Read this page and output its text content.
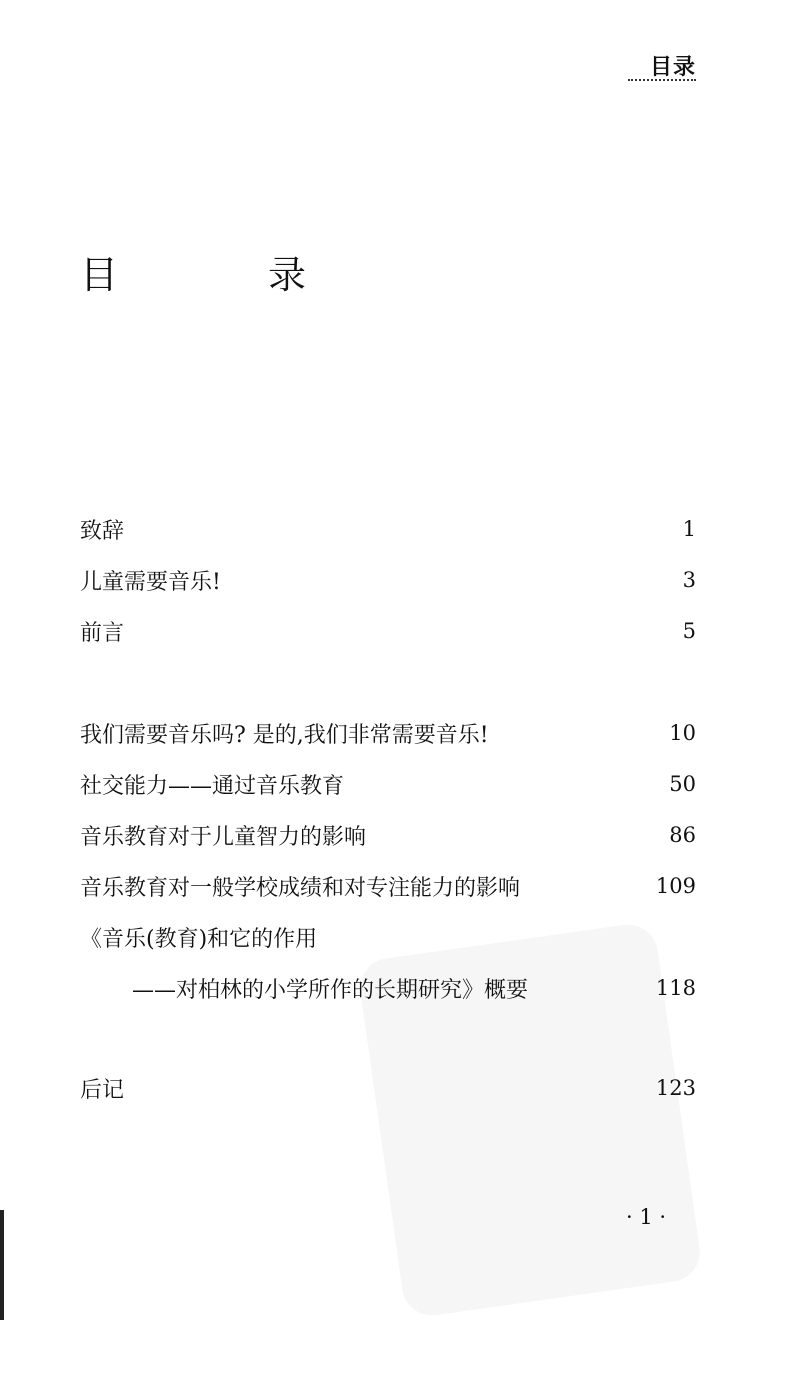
目录
目　录
致辞	1
儿童需要音乐!	3
前言	5
我们需要音乐吗? 是的,我们非常需要音乐!	10
社交能力——通过音乐教育	50
音乐教育对于儿童智力的影响	86
音乐教育对一般学校成绩和对专注能力的影响	109
《音乐(教育)和它的作用
——对柏林的小学所作的长期研究》概要	118
后记	123
· 1 ·
